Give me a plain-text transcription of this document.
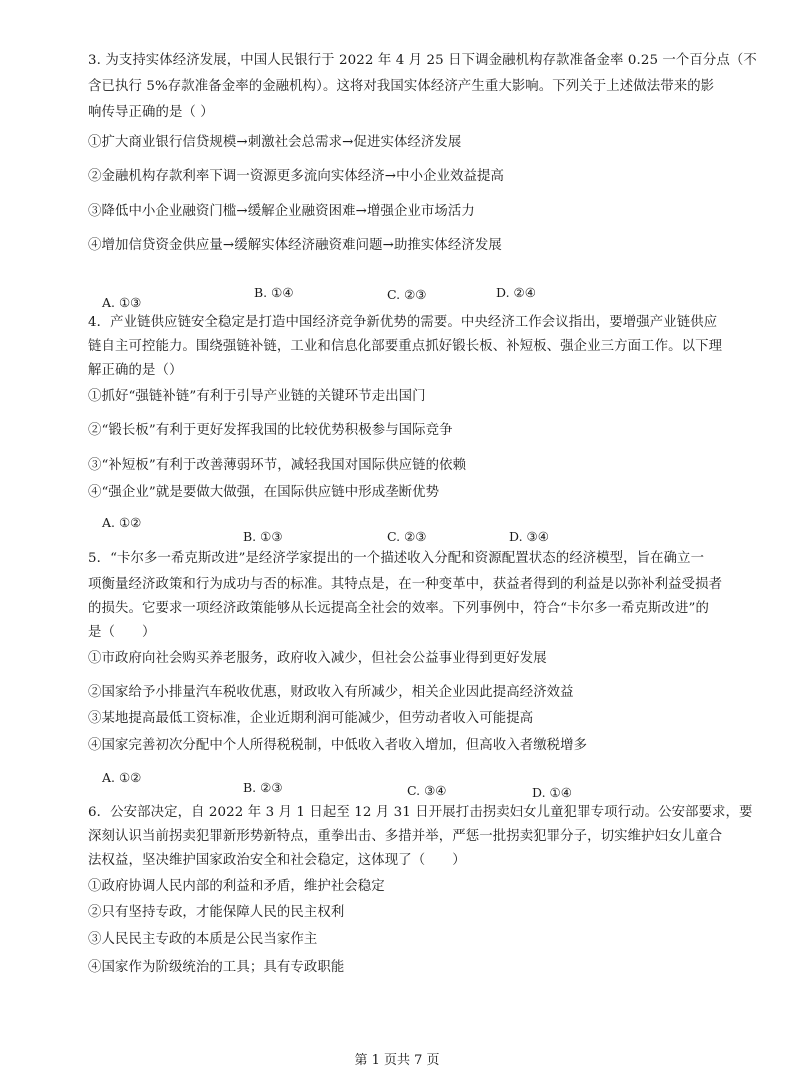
3. 为支持实体经济发展，中国人民银行于 2022 年 4 月 25 日下调金融机构存款准备金率 0.25 一个百分点（不
含已执行 5%存款准备金率的金融机构）。这将对我国实体经济产生重大影响。下列关于上述做法带来的影
响传导正确的是（ ）
①扩大商业银行信贷规模→刺激社会总需求→促进实体经济发展
②金融机构存款利率下调一资源更多流向实体经济→中小企业效益提高
③降低中小企业融资门槛→缓解企业融资困难→增强企业市场活力
④增加信贷资金供应量→缓解实体经济融资难问题→助推实体经济发展
A. ①③
B. ①④	C. ②③	D. ②④
4．产业链供应链安全稳定是打造中国经济竞争新优势的需要。中央经济工作会议指出，要增强产业链供应
链自主可控能力。围绕强链补链，工业和信息化部要重点抓好锻长板、补短板、强企业三方面工作。以下理
解正确的是（）
①抓好“强链补链”有利于引导产业链的关键环节走出国门
②“锻长板”有利于更好发挥我国的比较优势积极参与国际竞争
③“补短板”有利于改善薄弱环节，减轻我国对国际供应链的依赖
④“强企业”就是要做大做强，在国际供应链中形成垄断优势
A. ①②
B. ①③	C. ②③	D. ③④
5．“卡尔多一希克斯改进”是经济学家提出的一个描述收入分配和资源配置状态的经济模型，旨在确立一
项衡量经济政策和行为成功与否的标准。其特点是，在一种变革中，获益者得到的利益是以弥补利益受损者
的损失。它要求一项经济政策能够从长远提高全社会的效率。下列事例中，符合“卡尔多一希克斯改进”的
是（　　）
①市政府向社会购买养老服务，政府收入减少，但社会公益事业得到更好发展
②国家给予小排量汽车税收优惠，财政收入有所减少，相关企业因此提高经济效益
③某地提高最低工资标准，企业近期利润可能减少，但劳动者收入可能提高
④国家完善初次分配中个人所得税税制，中低收入者收入增加，但高收入者缴税增多
A. ①②
B. ②③	C. ③④	D. ①④
6．公安部决定，自 2022 年 3 月 1 日起至 12 月 31 日开展打击拐卖妇女儿童犯罪专项行动。公安部要求，要
深刻认识当前拐卖犯罪新形势新特点，重拳出击、多措并举，严惩一批拐卖犯罪分子，切实维护妇女儿童合
法权益，坚决维护国家政治安全和社会稳定，这体现了（　　）
①政府协调人民内部的利益和矛盾，维护社会稳定
②只有坚持专政，才能保障人民的民主权利
③人民民主专政的本质是公民当家作主
④国家作为阶级统治的工具；具有专政职能
第 1 页共 7 页
